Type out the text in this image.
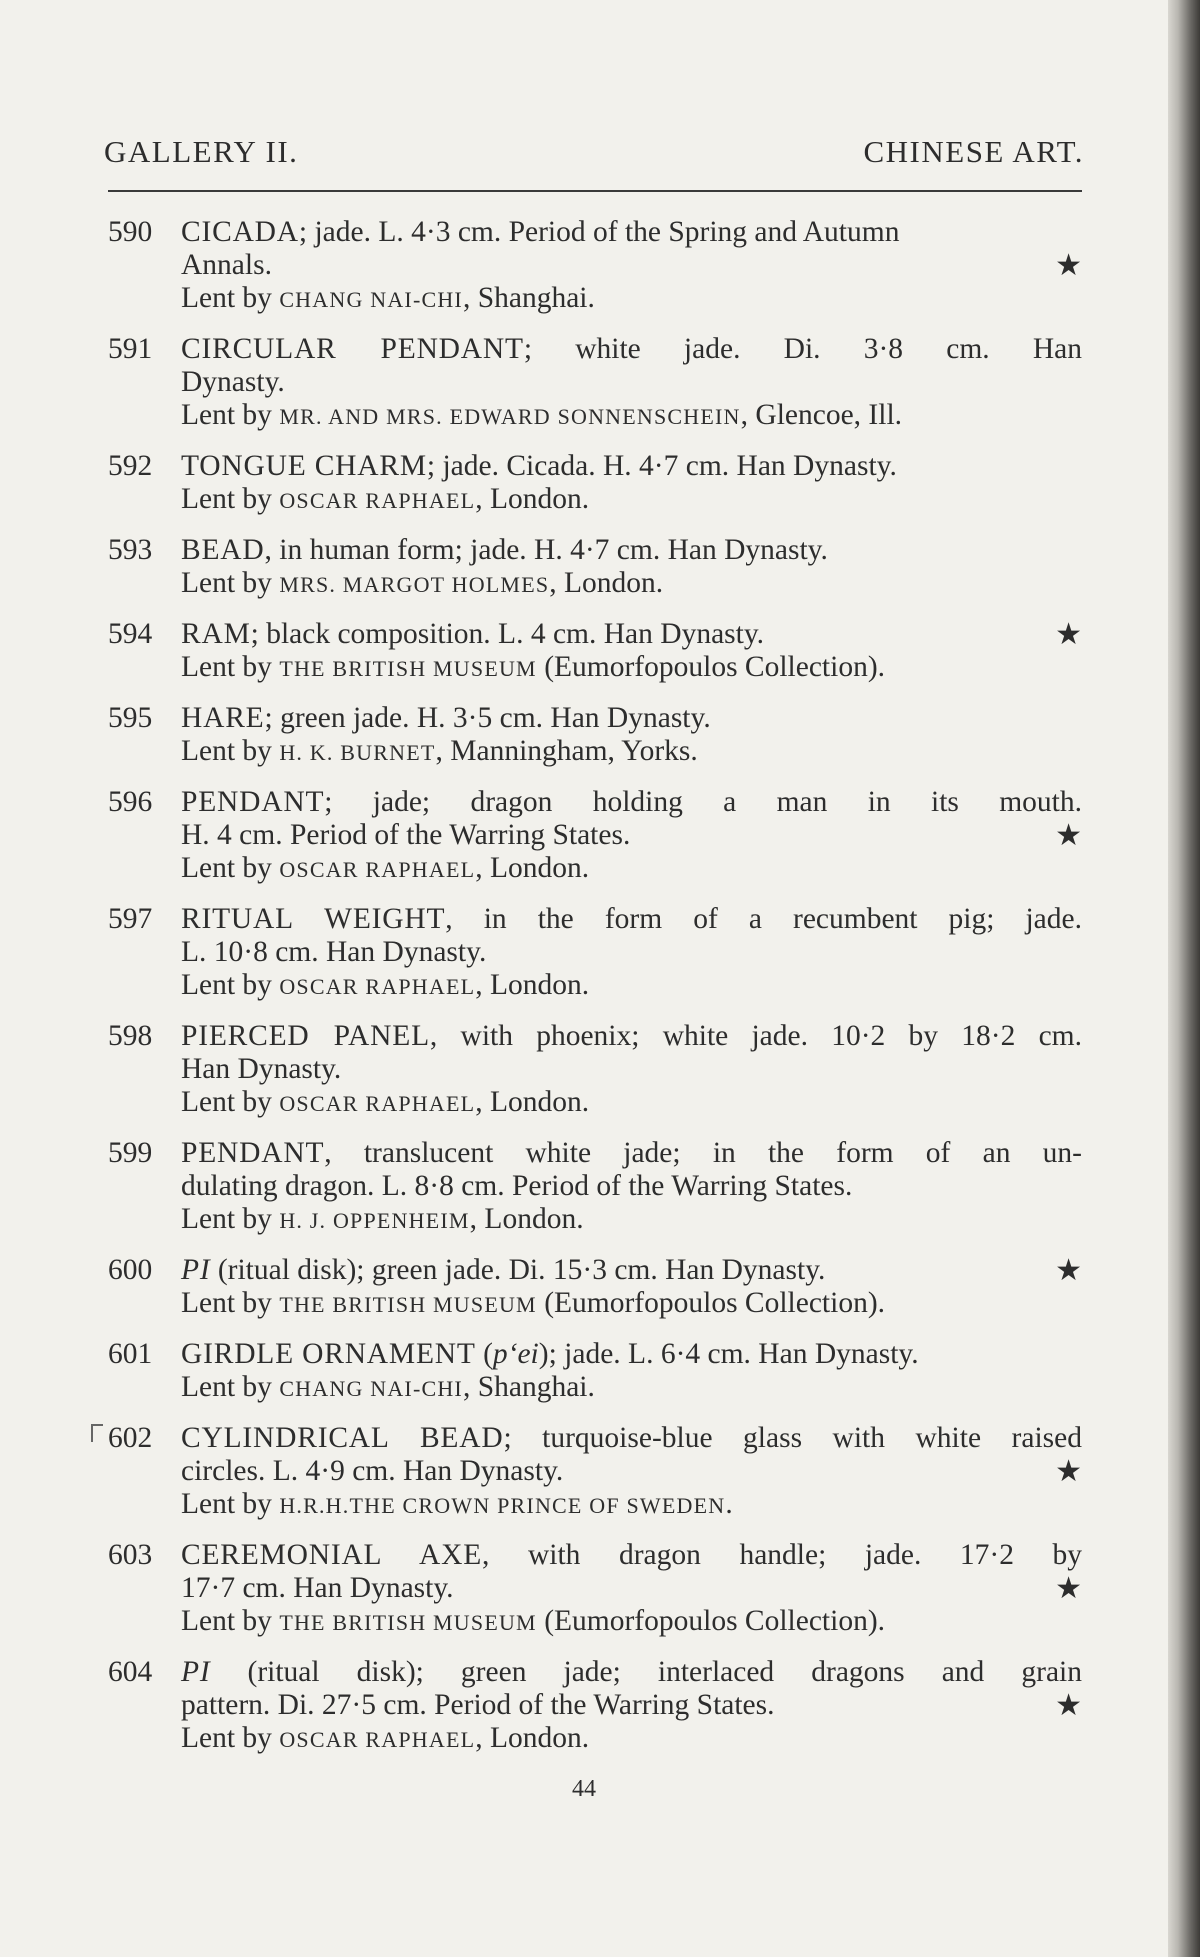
GALLERY II.	CHINESE ART.
590 CICADA; jade. L. 4·3 cm. Period of the Spring and Autumn
Annals.	★
Lent by CHANG NAI-CHI, Shanghai.
591 CIRCULAR PENDANT; white jade. Di. 3·8 cm. Han
Dynasty.
Lent by MR. AND MRS. EDWARD SONNENSCHEIN, Glencoe, Ill.
592 TONGUE CHARM; jade. Cicada. H. 4·7 cm. Han Dynasty.
Lent by OSCAR RAPHAEL, London.
593 BEAD, in human form; jade. H. 4·7 cm. Han Dynasty.
Lent by MRS. MARGOT HOLMES, London.
594 RAM; black composition. L. 4 cm. Han Dynasty.	★
Lent by THE BRITISH MUSEUM (Eumorfopoulos Collection).
595 HARE; green jade. H. 3·5 cm. Han Dynasty.
Lent by H. K. BURNET, Manningham, Yorks.
596 PENDANT; jade; dragon holding a man in its mouth.
H. 4 cm. Period of the Warring States.	★
Lent by OSCAR RAPHAEL, London.
597 RITUAL WEIGHT, in the form of a recumbent pig; jade.
L. 10·8 cm. Han Dynasty.
Lent by OSCAR RAPHAEL, London.
598 PIERCED PANEL, with phoenix; white jade. 10·2 by 18·2 cm.
Han Dynasty.
Lent by OSCAR RAPHAEL, London.
599 PENDANT, translucent white jade; in the form of an un-
dulating dragon. L. 8·8 cm. Period of the Warring States.
Lent by H. J. OPPENHEIM, London.
600 PI (ritual disk); green jade. Di. 15·3 cm. Han Dynasty.	★
Lent by THE BRITISH MUSEUM (Eumorfopoulos Collection).
601 GIRDLE ORNAMENT (p‘ei); jade. L. 6·4 cm. Han Dynasty.
Lent by CHANG NAI-CHI, Shanghai.
602 CYLINDRICAL BEAD; turquoise-blue glass with white raised
circles. L. 4·9 cm. Han Dynasty.	★
Lent by H.R.H.THE CROWN PRINCE OF SWEDEN.
603 CEREMONIAL AXE, with dragon handle; jade. 17·2 by
17·7 cm. Han Dynasty.	★
Lent by THE BRITISH MUSEUM (Eumorfopoulos Collection).
604 PI (ritual disk); green jade; interlaced dragons and grain
pattern. Di. 27·5 cm. Period of the Warring States.	★
Lent by OSCAR RAPHAEL, London.
44
